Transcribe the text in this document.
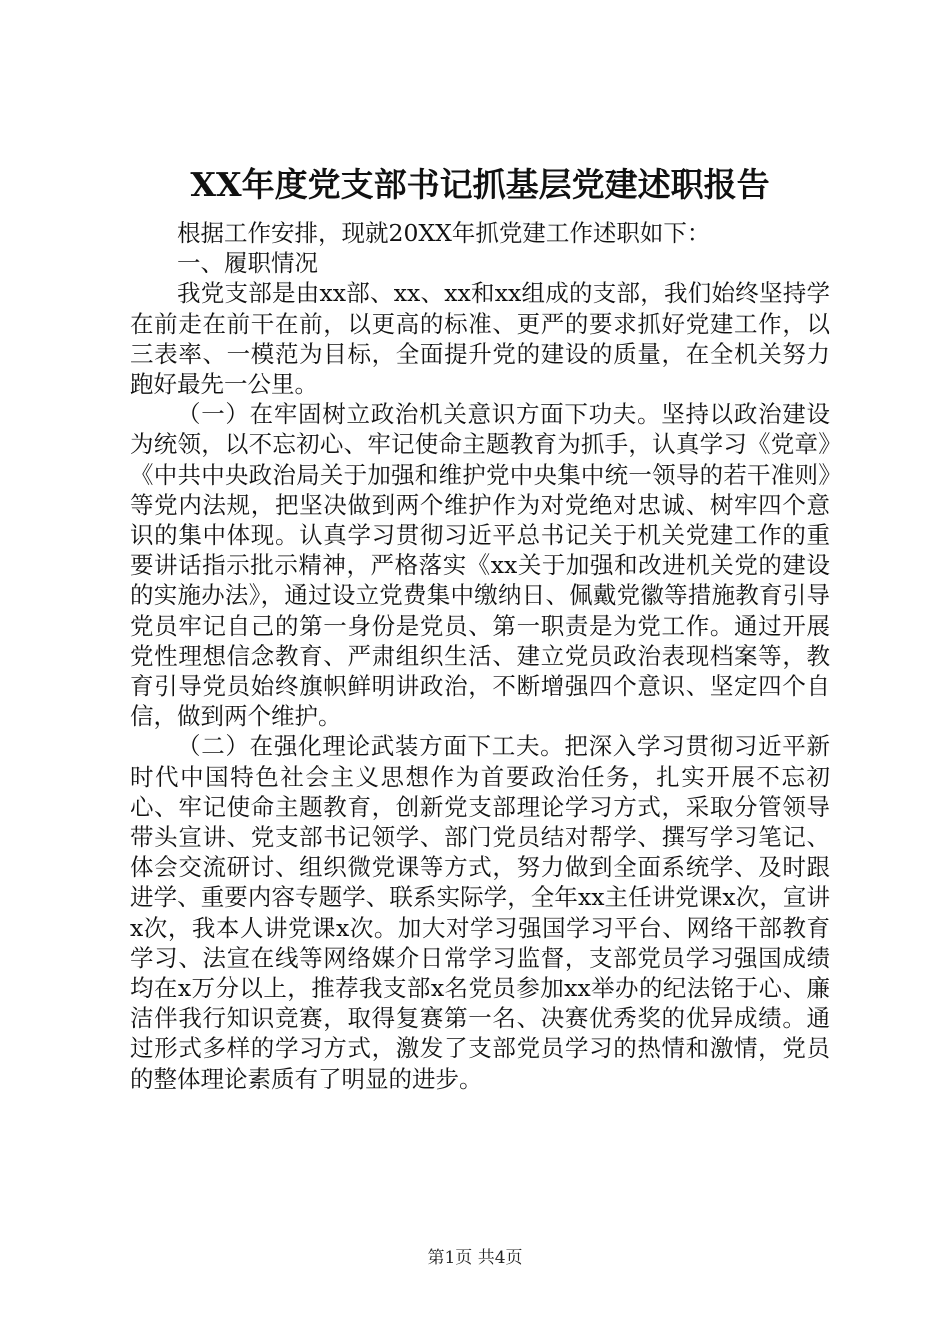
XX年度党支部书记抓基层党建述职报告

根据工作安排，现就20XX年抓党建工作述职如下：

一、履职情况

我党支部是由xx部、xx、xx和xx组成的支部，我们始终坚持学在前走在前干在前，以更高的标准、更严的要求抓好党建工作，以三表率、一模范为目标，全面提升党的建设的质量，在全机关努力跑好最先一公里。

（一）在牢固树立政治机关意识方面下功夫。坚持以政治建设为统领，以不忘初心、牢记使命主题教育为抓手，认真学习《党章》《中共中央政治局关于加强和维护党中央集中统一领导的若干准则》等党内法规，把坚决做到两个维护作为对党绝对忠诚、树牢四个意识的集中体现。认真学习贯彻习近平总书记关于机关党建工作的重要讲话指示批示精神，严格落实《xx关于加强和改进机关党的建设的实施办法》，通过设立党费集中缴纳日、佩戴党徽等措施教育引导党员牢记自己的第一身份是党员、第一职责是为党工作。通过开展党性理想信念教育、严肃组织生活、建立党员政治表现档案等，教育引导党员始终旗帜鲜明讲政治，不断增强四个意识、坚定四个自信，做到两个维护。

（二）在强化理论武装方面下工夫。把深入学习贯彻习近平新时代中国特色社会主义思想作为首要政治任务，扎实开展不忘初心、牢记使命主题教育，创新党支部理论学习方式，采取分管领导带头宣讲、党支部书记领学、部门党员结对帮学、撰写学习笔记、体会交流研讨、组织微党课等方式，努力做到全面系统学、及时跟进学、重要内容专题学、联系实际学，全年xx主任讲党课x次，宣讲x次，我本人讲党课x次。加大对学习强国学习平台、网络干部教育学习、法宣在线等网络媒介日常学习监督，支部党员学习强国成绩均在x万分以上，推荐我支部x名党员参加xx举办的纪法铭于心、廉洁伴我行知识竞赛，取得复赛第一名、决赛优秀奖的优异成绩。通过形式多样的学习方式，激发了支部党员学习的热情和激情，党员的整体理论素质有了明显的进步。

第1页 共4页
